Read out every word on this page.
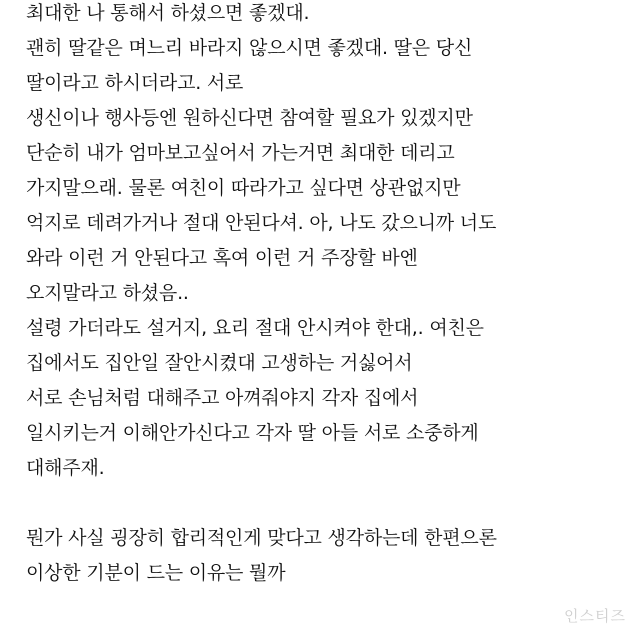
최대한 나 통해서 하셨으면 좋겠대.
괜히 딸같은 며느리 바라지 않으시면 좋겠대. 딸은 당신
딸이라고 하시더라고. 서로
생신이나 행사등엔 원하신다면 참여할 필요가 있겠지만
단순히 내가 엄마보고싶어서 가는거면 최대한 데리고
가지말으래. 물론 여친이 따라가고 싶다면 상관없지만
억지로 데려가거나 절대 안된다셔. 아, 나도 갔으니까 너도
와라 이런 거 안된다고 혹여 이런 거 주장할 바엔
오지말라고 하셨음..
설령 가더라도 설거지, 요리 절대 안시켜야 한대,. 여친은
집에서도 집안일 잘안시켰대 고생하는 거싫어서
서로 손님처럼 대해주고 아껴줘야지 각자 집에서
일시키는거 이해안가신다고 각자 딸 아들 서로 소중하게
대해주재.
뭔가 사실 굉장히 합리적인게 맞다고 생각하는데 한편으론
이상한 기분이 드는 이유는 뭘까
인스티즈
